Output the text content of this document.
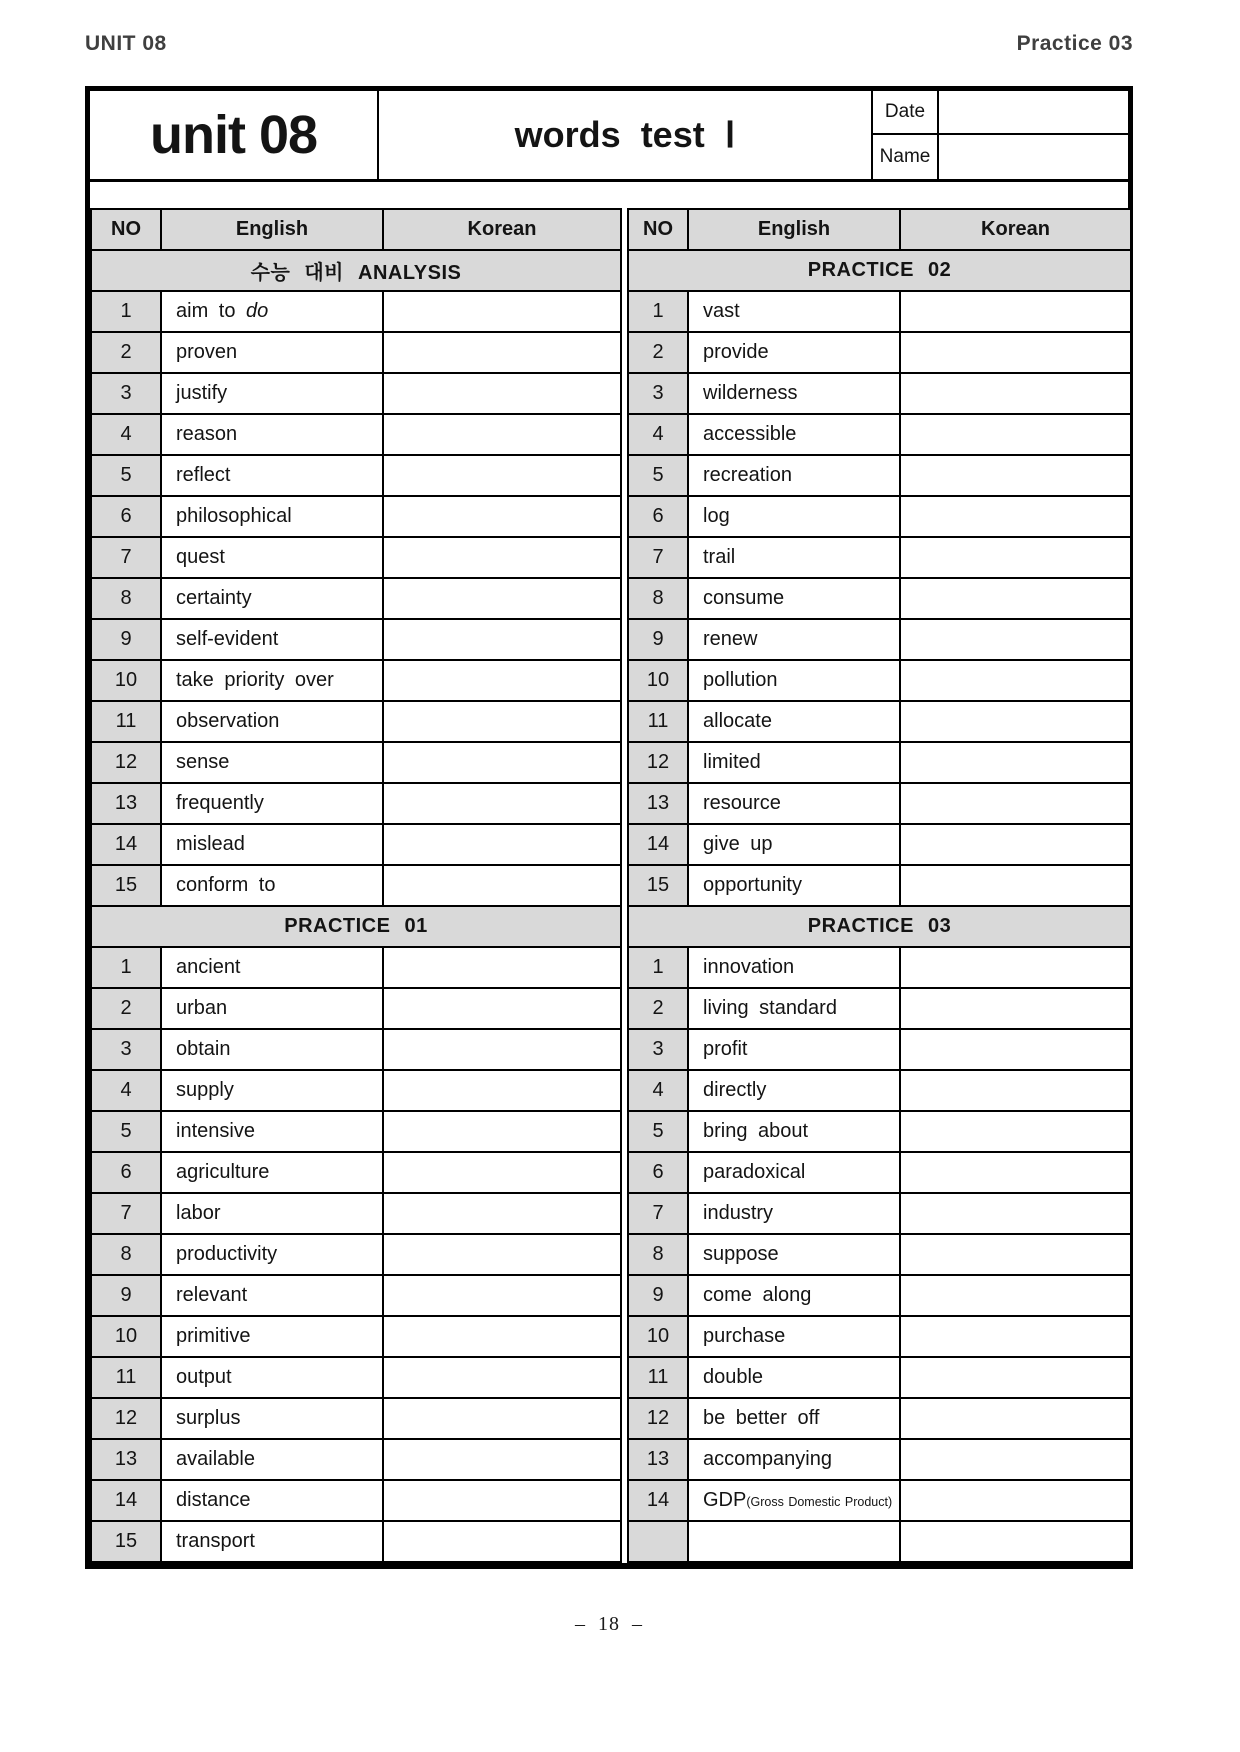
UNIT 08	Practice 03
unit 08	words test Ⅰ
Date
Name
NO	English	Korean
수능 대비 ANALYSIS		
1	aim to do	
2	proven	
3	justify	
4	reason	
5	reflect	
6	philosophical	
7	quest	
8	certainty	
9	self-evident	
10	take priority over	
11	observation	
12	sense	
13	frequently	
14	mislead	
15	conform to	
PRACTICE 01		
1	ancient	
2	urban	
3	obtain	
4	supply	
5	intensive	
6	agriculture	
7	labor	
8	productivity	
9	relevant	
10	primitive	
11	output	
12	surplus	
13	available	
14	distance	
15	transport	
NO	English	Korean
PRACTICE 02		
1	vast	
2	provide	
3	wilderness	
4	accessible	
5	recreation	
6	log	
7	trail	
8	consume	
9	renew	
10	pollution	
11	allocate	
12	limited	
13	resource	
14	give up	
15	opportunity	
PRACTICE 03		
1	innovation	
2	living standard	
3	profit	
4	directly	
5	bring about	
6	paradoxical	
7	industry	
8	suppose	
9	come along	
10	purchase	
11	double	
12	be better off	
13	accompanying	
14	GDP(Gross Domestic Product)	

– 18 –
